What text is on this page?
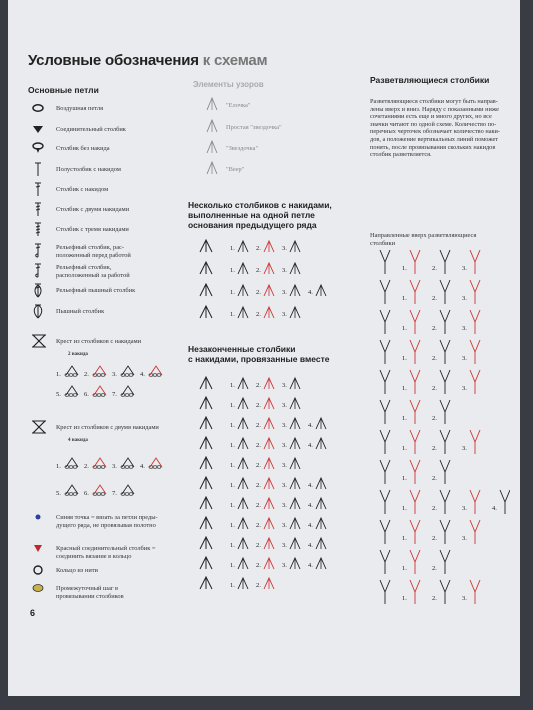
Условные обозначения к схемам
Основные петли
Крест из столбиков с накидами
2 накида
Крест из столбиков с двумя накидами
4 накида
1.	2.	3.	4.
5.	6.	7.
1.	2.	3.	4.
5.	6.	7.
6
Элементы узоров
Несколько столбиков с накидами,
выполненные на одной петле
основания предыдущего ряда
1.	2.	3.
1.	2.	3.
1.	2.	3.	4.
1.	2.	3.
Незаконченные столбики
с накидами, провязанные вместе
1.	2.	3.
1.	2.	3.
1.	2.	3.	4.
1.	2.	3.	4.
1.	2.	3.
1.	2.	3.	4.
1.	2.	3.	4.
1.	2.	3.	4.
1.	2.	3.	4.
1.	2.	3.	4.
1.	2.
Разветвляющиеся столбики
Разветвляющиеся столбики могут быть направ-
лены вверх и вниз. Наряду с показанными ниже
сочетаниями есть еще и много других, но все
значки читают по одной схеме. Количество по-
перечных черточек обозначает количество наки-
дов, а положение вертикальных линий поможет
понять, после провязывания скольких накидов
столбик разветвляется.
Направленные вверх разветвляющиеся
столбики
1.	2.	3.
1.	2.	3.
1.	2.	3.
1.	2.	3.
1.	2.	3.
1.	2.
1.	2.	3.
1.	2.
1.	2.	3.	4.
1.	2.	3.
1.	2.
1.	2.	3.
Воздушная петля
Соединительный столбик
Столбик без накида
Полустолбик с накидом
Столбик с накидом
Столбик с двумя накидами
Столбик с тремя накидами
Рельефный столбик, рас-
положенный перед работой
Рельефный столбик,
расположенный за работой
Рельефный пышный столбик
Пышный столбик
Синяя точка = вязать за петли преды-
дущего ряда, не провязывая полотно
Красный соединительный столбик =
соединить вязание в кольцо
Кольцо из нити
Промежуточный шаг в
провязывании столбиков
"Елочка"
Простая "звездочка"
"Звездочка"
"Веер"
